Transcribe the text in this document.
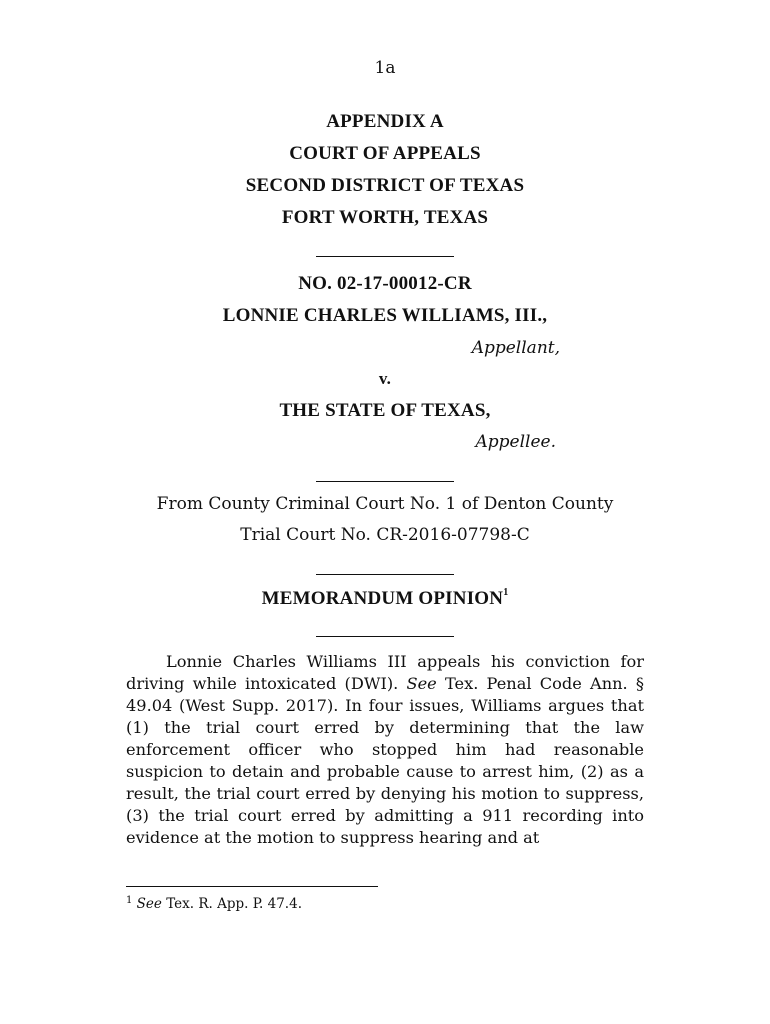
1a
APPENDIX A
COURT OF APPEALS
SECOND DISTRICT OF TEXAS
FORT WORTH, TEXAS
NO. 02-17-00012-CR
LONNIE CHARLES WILLIAMS, III.,
Appellant,
v.
THE STATE OF TEXAS,
Appellee.
From County Criminal Court No. 1 of Denton County
Trial Court No. CR-2016-07798-C
MEMORANDUM OPINION$^1$

Lonnie Charles Williams III appeals his conviction for driving while intoxicated (DWI). See Tex. Penal Code Ann. § 49.04 (West Supp. 2017). In four issues, Williams argues that (1) the trial court erred by determining that the law enforcement officer who stopped him had reasonable suspicion to detain and probable cause to arrest him, (2) as a result, the trial court erred by denying his motion to suppress, (3) the trial court erred by admitting a 911 recording into evidence at the motion to suppress hearing and at

$^1$ See Tex. R. App. P. 47.4.
